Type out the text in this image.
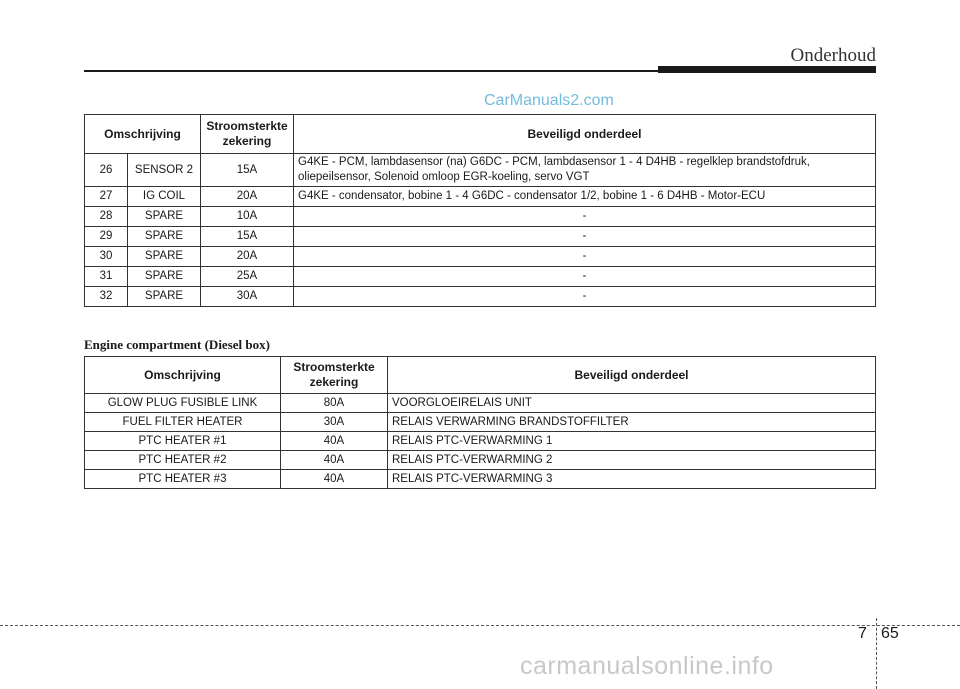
Onderhoud
CarManuals2.com
Omschrijving		Stroomsterkte zekering	Beveiligd onderdeel
26	SENSOR 2	15A	G4KE - PCM, lambdasensor (na) G6DC - PCM, lambdasensor 1 - 4 D4HB - regelklep brandstofdruk,
oliepeilsensor, Solenoid omloop EGR-koeling, servo VGT

27	IG COIL	20A	G4KE - condensator, bobine 1 - 4 G6DC - condensator 1/2, bobine 1 - 6 D4HB - Motor-ECU
28	SPARE	10A	-
29	SPARE	15A	-
30	SPARE	20A	-
31	SPARE	25A	-
32	SPARE	30A	-
Engine compartment (Diesel box)
Omschrijving	Stroomsterkte zekering	Beveiligd onderdeel
GLOW PLUG FUSIBLE LINK	80A	VOORGLOEIRELAIS UNIT
FUEL FILTER HEATER	30A	RELAIS VERWARMING BRANDSTOFFILTER
PTC HEATER #1	40A	RELAIS PTC-VERWARMING 1
PTC HEATER #2	40A	RELAIS PTC-VERWARMING 2
PTC HEATER #3	40A	RELAIS PTC-VERWARMING 3
7 65
carmanualsonline.info
